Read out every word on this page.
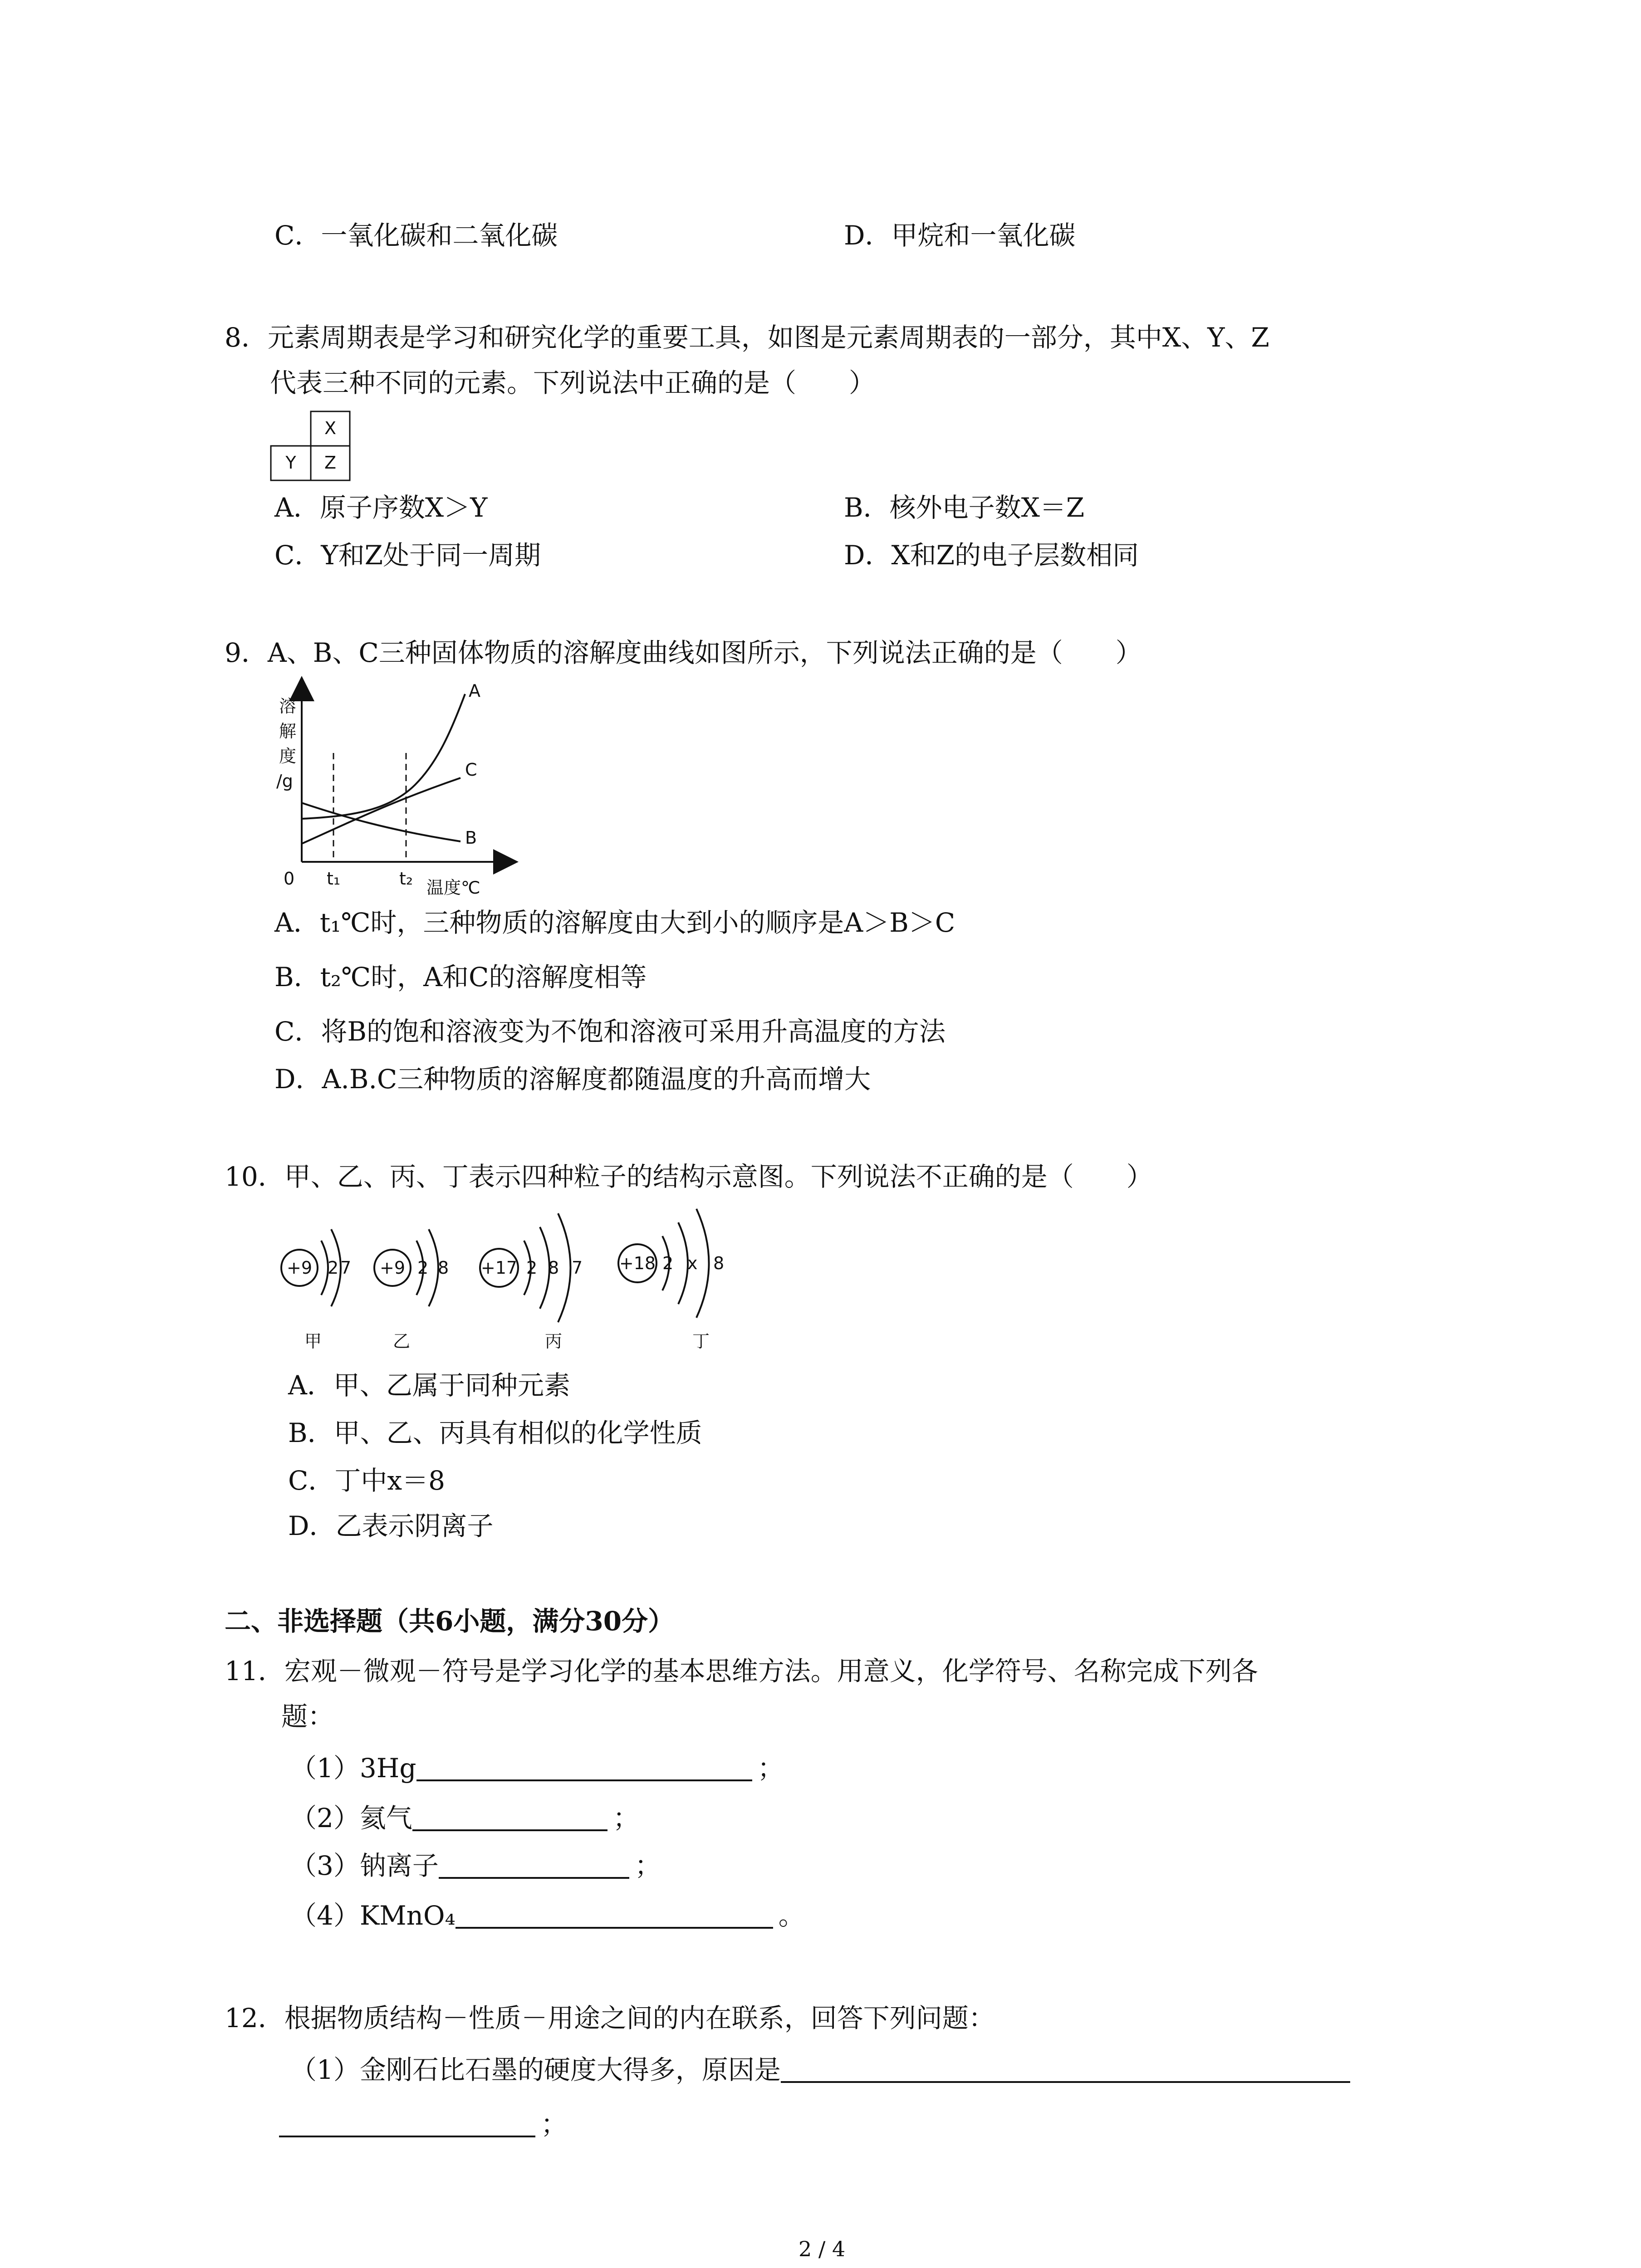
C．一氧化碳和二氧化碳	D．甲烷和一氧化碳
8．元素周期表是学习和研究化学的重要工具，如图是元素周期表的一部分，其中X、Y、Z
代表三种不同的元素。下列说法中正确的是（　　）
X
Y Z
A．原子序数X＞Y	B．核外电子数X＝Z
C．Y和Z处于同一周期	D．X和Z的电子层数相同
9．A、B、C三种固体物质的溶解度曲线如图所示，下列说法正确的是（　　）
溶
解
度
/g
0 t₁	t₂ 温度℃
A
C
B
A．t₁℃时，三种物质的溶解度由大到小的顺序是A＞B＞C
B．t₂℃时，A和C的溶解度相等
C．将B的饱和溶液变为不饱和溶液可采用升高温度的方法
D．A.B.C三种物质的溶解度都随温度的升高而增大
10．甲、乙、丙、丁表示四种粒子的结构示意图。下列说法不正确的是（　　）
+9 2 7
甲
+9 2 8
乙
+17 2 8 7
丙
+18 2 x 8
丁
A．甲、乙属于同种元素
B．甲、乙、丙具有相似的化学性质
C．丁中x＝8
D．乙表示阴离子
二、非选择题（共6小题，满分30分）
11．宏观－微观－符号是学习化学的基本思维方法。用意义，化学符号、名称完成下列各
题：
（1）3Hg	；
（2）氦气	；
（3）钠离子	；
（4）KMnO₄	。
12．根据物质结构－性质－用途之间的内在联系，回答下列问题：
（1）金刚石比石墨的硬度大得多，原因是
；
2 / 4
